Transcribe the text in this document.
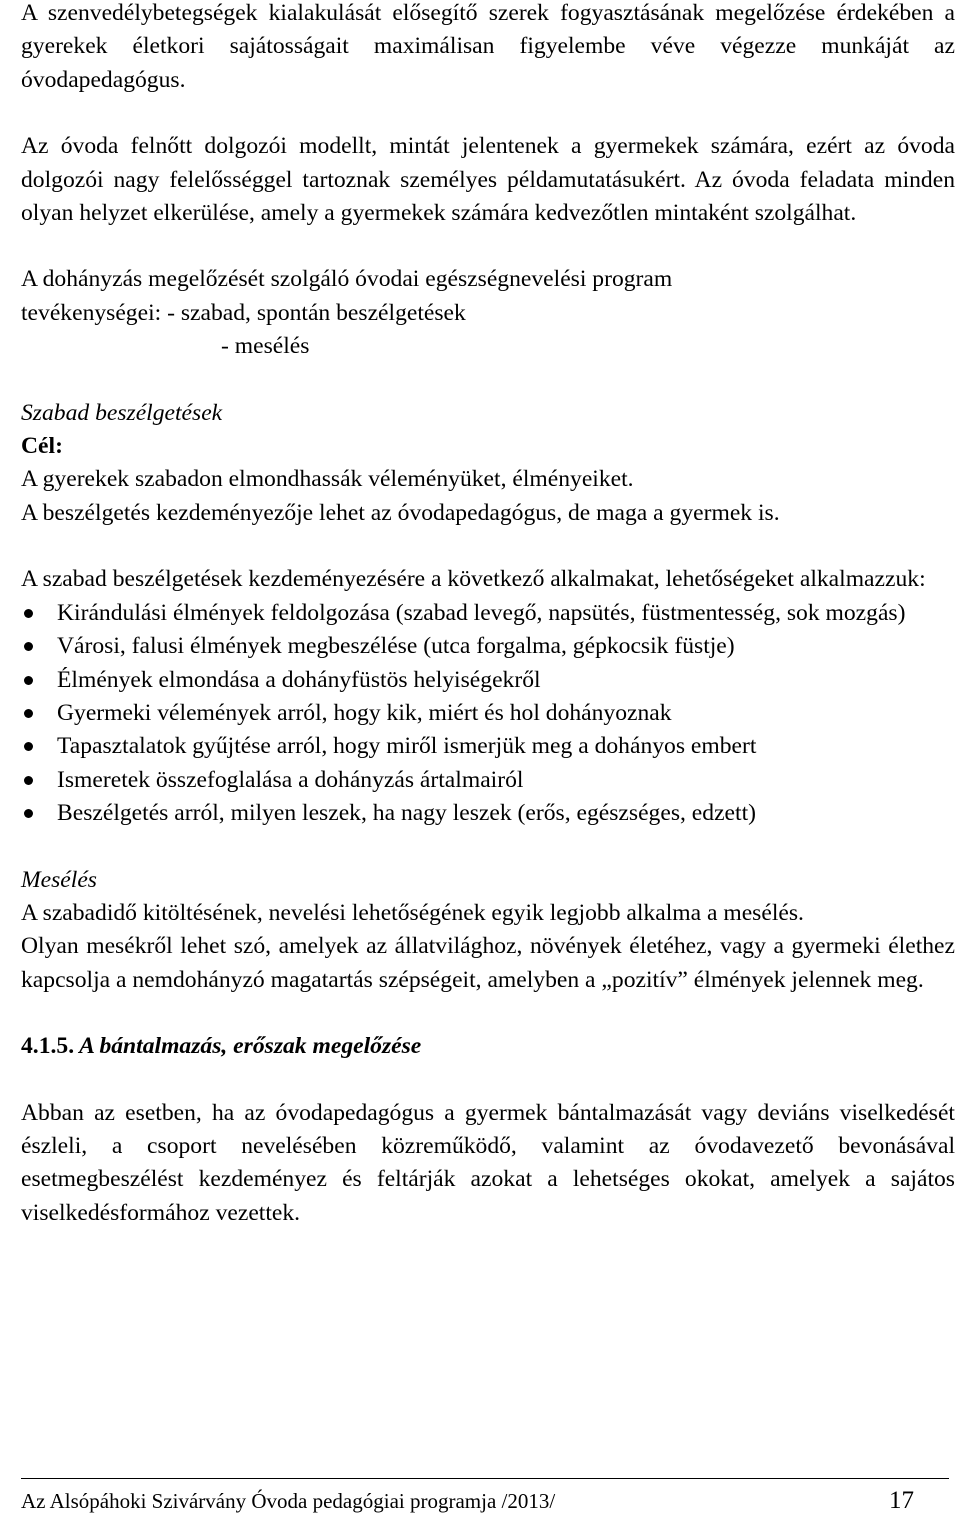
A szenvedélybetegségek kialakulását elősegítő szerek fogyasztásának megelőzése érdekében a gyerekek életkori sajátosságait maximálisan figyelembe véve végezze munkáját az óvodapedagógus.

Az óvoda felnőtt dolgozói modellt, mintát jelentenek a gyermekek számára, ezért az óvoda dolgozói nagy felelősséggel tartoznak személyes példamutatásukért. Az óvoda feladata minden olyan helyzet elkerülése, amely a gyermekek számára kedvezőtlen mintaként szolgálhat.

A dohányzás megelőzését szolgáló óvodai egészségnevelési program

tevékenységei: - szabad, spontán beszélgetések

- mesélés

Szabad beszélgetések

Cél:

A gyerekek szabadon elmondhassák véleményüket, élményeiket.

A beszélgetés kezdeményezője lehet az óvodapedagógus, de maga a gyermek is.

A szabad beszélgetések kezdeményezésére a következő alkalmakat, lehetőségeket alkalmazzuk:

Kirándulási élmények feldolgozása (szabad levegő, napsütés, füstmentesség, sok mozgás)
Városi, falusi élmények megbeszélése (utca forgalma, gépkocsik füstje)
Élmények elmondása a dohányfüstös helyiségekről
Gyermeki vélemények arról, hogy kik, miért és hol dohányoznak
Tapasztalatok gyűjtése arról, hogy miről ismerjük meg a dohányos embert
Ismeretek összefoglalása a dohányzás ártalmairól
Beszélgetés arról, milyen leszek, ha nagy leszek (erős, egészséges, edzett)

Mesélés

A szabadidő kitöltésének, nevelési lehetőségének egyik legjobb alkalma a mesélés.

Olyan mesékről lehet szó, amelyek az állatvilághoz, növények életéhez, vagy a gyermeki élethez kapcsolja a nemdohányzó magatartás szépségeit, amelyben a „pozitív” élmények jelennek meg.

4.1.5. A bántalmazás, erőszak megelőzése

Abban az esetben, ha az óvodapedagógus a gyermek bántalmazását vagy deviáns viselkedését észleli, a csoport nevelésében közreműködő, valamint az óvodavezető bevonásával esetmegbeszélést kezdeményez és feltárják azokat a lehetséges okokat, amelyek a sajátos viselkedésformához vezettek.

Az Alsópáhoki Szivárvány Óvoda pedagógiai programja /2013/	17
